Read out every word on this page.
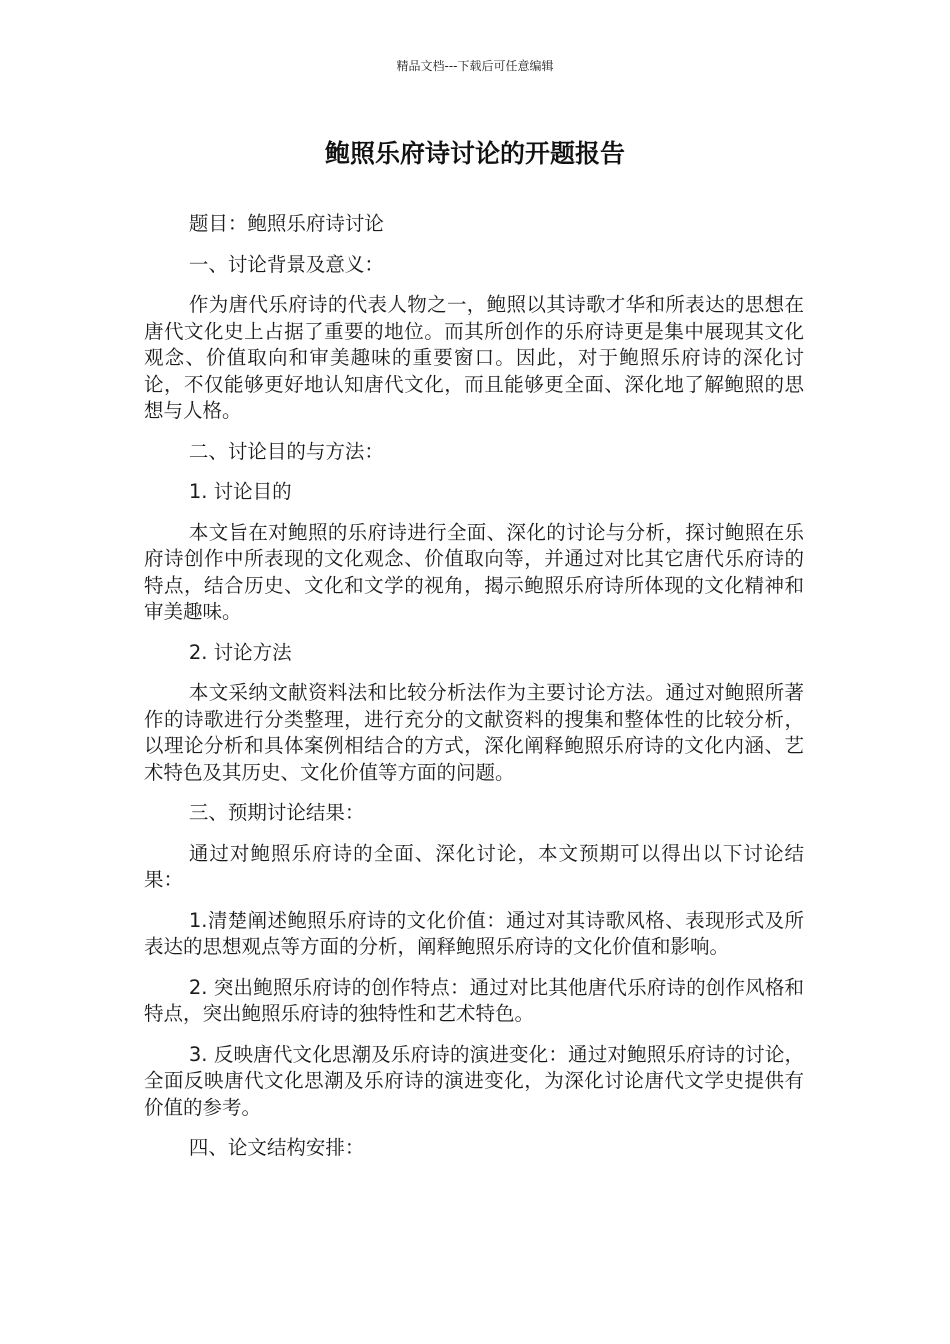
精品文档---下载后可任意编辑
鲍照乐府诗讨论的开题报告

题目：鲍照乐府诗讨论

一、讨论背景及意义：

作为唐代乐府诗的代表人物之一，鲍照以其诗歌才华和所表达的思想在唐代文化史上占据了重要的地位。而其所创作的乐府诗更是集中展现其文化观念、价值取向和审美趣味的重要窗口。因此，对于鲍照乐府诗的深化讨论，不仅能够更好地认知唐代文化，而且能够更全面、深化地了解鲍照的思想与人格。

二、讨论目的与方法：

1. 讨论目的

本文旨在对鲍照的乐府诗进行全面、深化的讨论与分析，探讨鲍照在乐府诗创作中所表现的文化观念、价值取向等，并通过对比其它唐代乐府诗的特点，结合历史、文化和文学的视角，揭示鲍照乐府诗所体现的文化精神和审美趣味。

2. 讨论方法

本文采纳文献资料法和比较分析法作为主要讨论方法。通过对鲍照所著作的诗歌进行分类整理，进行充分的文献资料的搜集和整体性的比较分析，以理论分析和具体案例相结合的方式，深化阐释鲍照乐府诗的文化内涵、艺术特色及其历史、文化价值等方面的问题。

三、预期讨论结果：

通过对鲍照乐府诗的全面、深化讨论，本文预期可以得出以下讨论结果：

1.清楚阐述鲍照乐府诗的文化价值：通过对其诗歌风格、表现形式及所表达的思想观点等方面的分析，阐释鲍照乐府诗的文化价值和影响。

2. 突出鲍照乐府诗的创作特点：通过对比其他唐代乐府诗的创作风格和特点，突出鲍照乐府诗的独特性和艺术特色。

3. 反映唐代文化思潮及乐府诗的演进变化：通过对鲍照乐府诗的讨论，全面反映唐代文化思潮及乐府诗的演进变化，为深化讨论唐代文学史提供有价值的参考。

四、论文结构安排：
